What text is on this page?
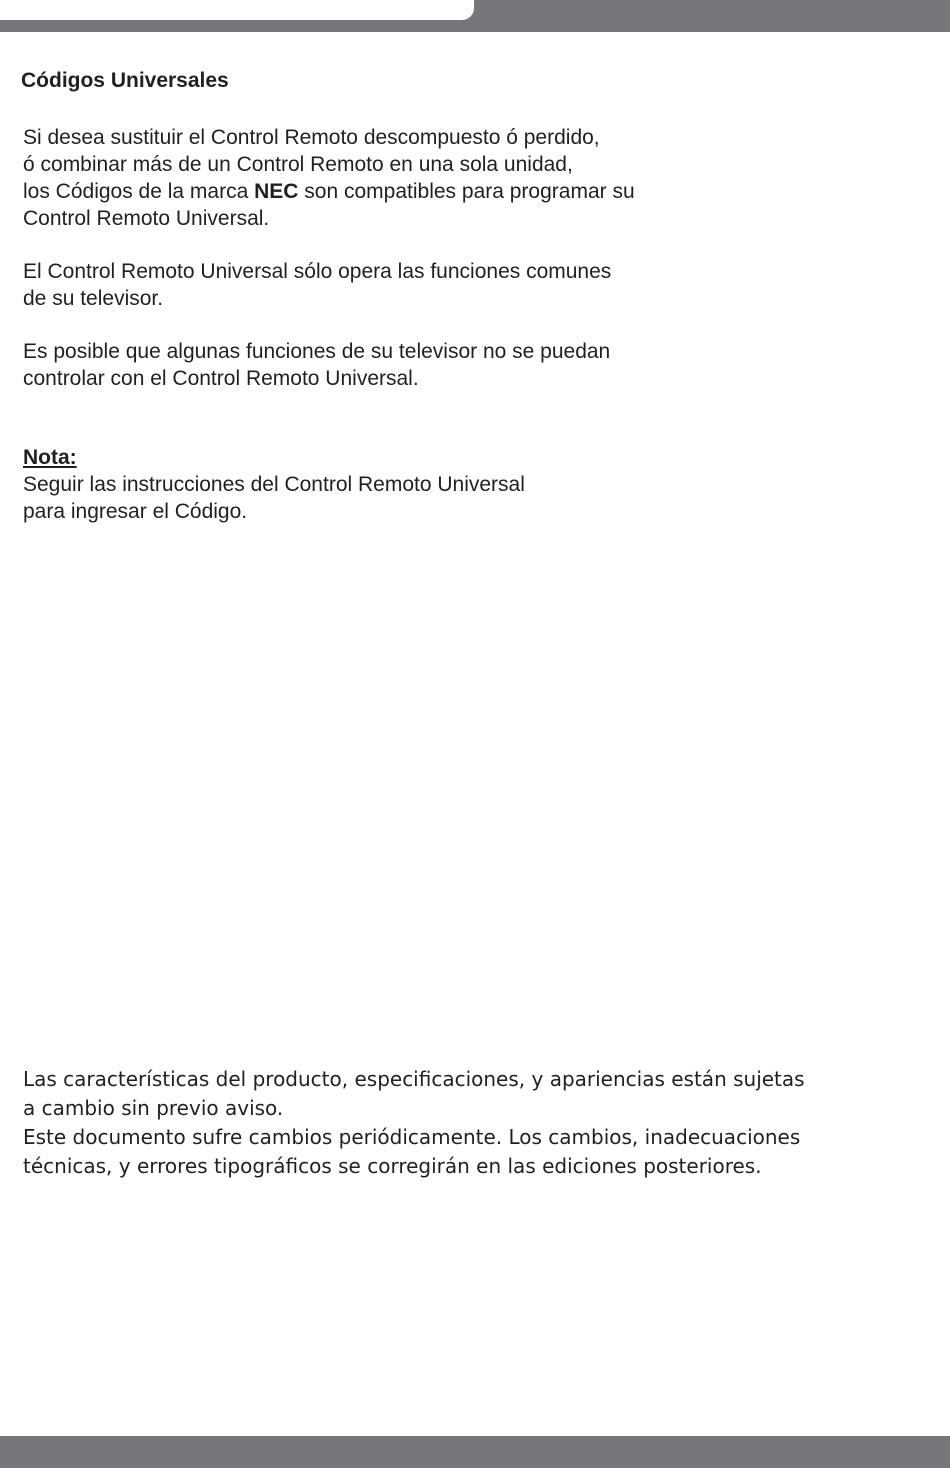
Códigos Universales

Si desea sustituir el Control Remoto descompuesto ó perdido,
ó combinar más de un Control Remoto en una sola unidad,
los Códigos de la marca NEC son compatibles para programar su
Control Remoto Universal.

El Control Remoto Universal sólo opera las funciones comunes
de su televisor.

Es posible que algunas funciones de su televisor no se puedan
controlar con el Control Remoto Universal.

Nota:

Seguir las instrucciones del Control Remoto Universal
para ingresar el Código.

Las características del producto, especificaciones, y apariencias están sujetas
a cambio sin previo aviso.
Este documento sufre cambios periódicamente. Los cambios, inadecuaciones
técnicas, y errores tipográficos se corregirán en las ediciones posteriores.
